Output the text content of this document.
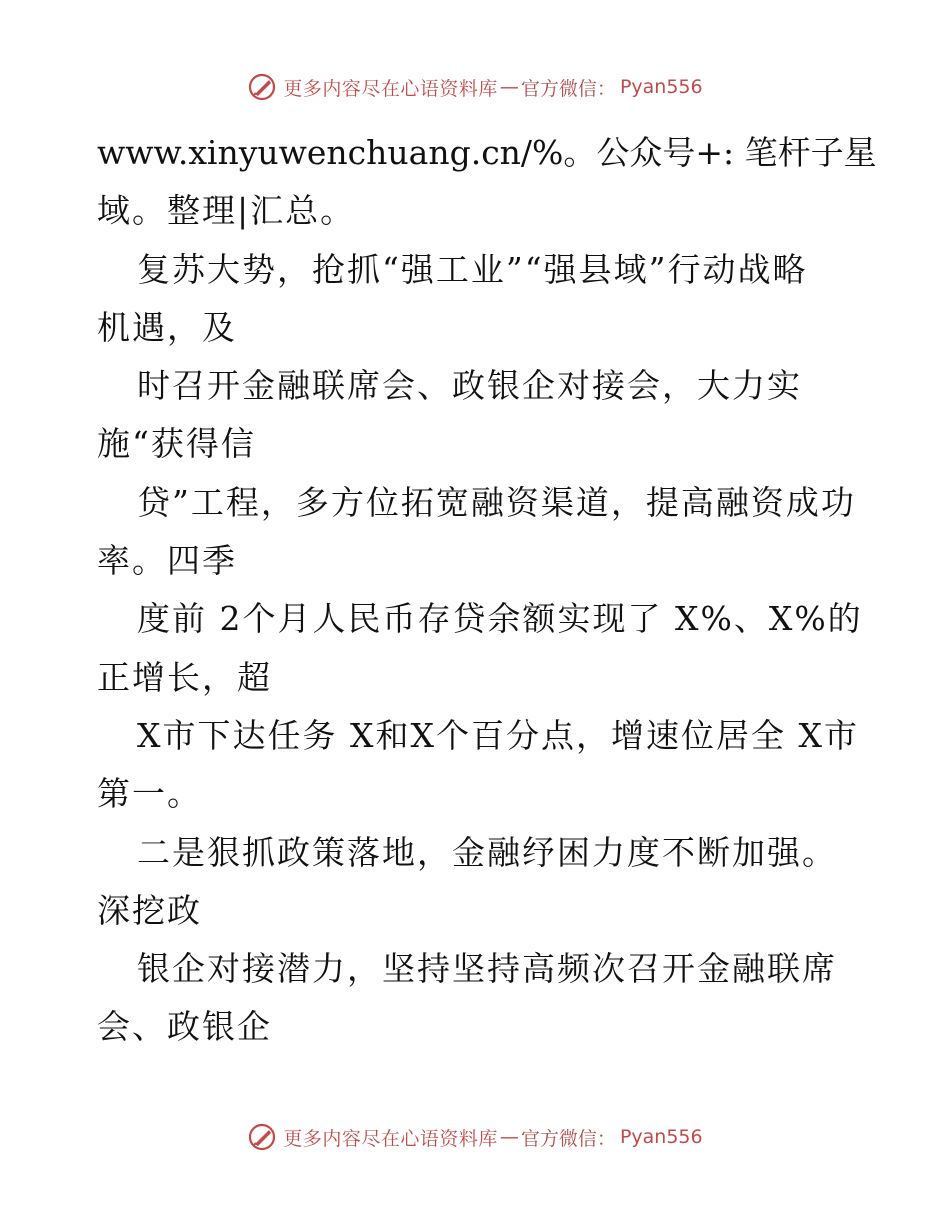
更多内容尽在心语资料库 — 官方微信： Pyan556
www.xinyuwenchuang.cn/%。公众号+: 笔杆子星
域。整理|汇总。
复苏大势，抢抓“强工业”“强县域”行动战略
机遇，及
时召开金融联席会、政银企对接会，大力实
施“获得信
贷”工程，多方位拓宽融资渠道，提高融资成功
率。四季
度前 2个月人民币存贷余额实现了 X%、X%的
正增长，超
X市下达任务 X和X个百分点，增速位居全 X市
第一。
二是狠抓政策落地，金融纾困力度不断加强。
深挖政
银企对接潜力，坚持坚持高频次召开金融联席
会、政银企
更多内容尽在心语资料库 — 官方微信： Pyan556
